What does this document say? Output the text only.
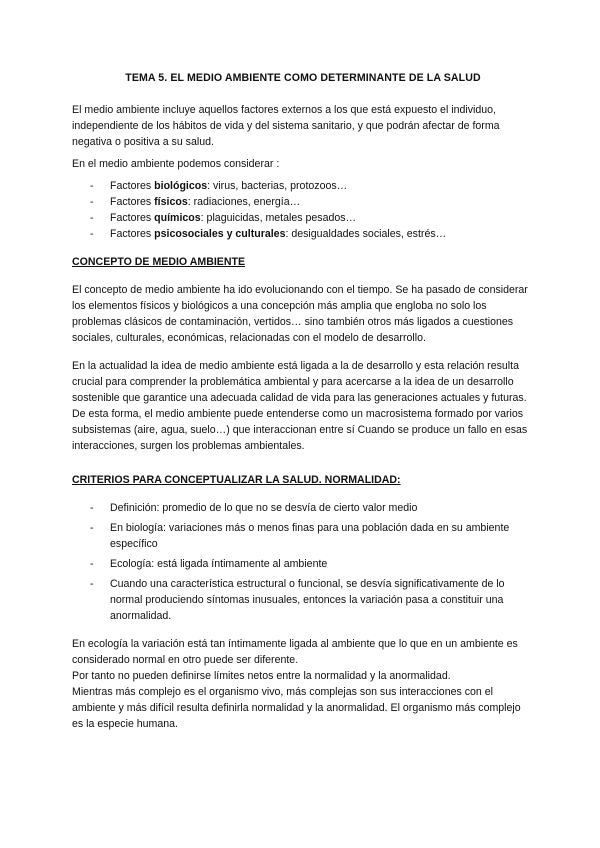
TEMA 5. EL MEDIO AMBIENTE COMO DETERMINANTE DE LA SALUD

El medio ambiente incluye aquellos factores externos a los que está expuesto el individuo, independiente de los hábitos de vida y del sistema sanitario, y que podrán afectar de forma negativa o positiva a su salud.

En el medio ambiente podemos considerar :

- Factores biológicos: virus, bacterias, protozoos…
- Factores físicos: radiaciones, energía…
- Factores químicos: plaguicidas, metales pesados…
- Factores psicosociales y culturales: desigualdades sociales, estrés…
CONCEPTO DE MEDIO AMBIENTE

El concepto de medio ambiente ha ido evolucionando con el tiempo. Se ha pasado de considerar los elementos físicos y biológicos a una concepción más amplia que engloba no solo los problemas clásicos de contaminación, vertidos… sino también otros más ligados a cuestiones sociales, culturales, económicas, relacionadas con el modelo de desarrollo.

En la actualidad la idea de medio ambiente está ligada a la de desarrollo y esta relación resulta crucial para comprender la problemática ambiental y para acercarse a la idea de un desarrollo sostenible que garantice una adecuada calidad de vida para las generaciones actuales y futuras.

De esta forma, el medio ambiente puede entenderse como un macrosistema formado por varios subsistemas (aire, agua, suelo…) que interaccionan entre sí Cuando se produce un fallo en esas interacciones, surgen los problemas ambientales.

CRITERIOS PARA CONCEPTUALIZAR LA SALUD. NORMALIDAD:
- Definición: promedio de lo que no se desvía de cierto valor medio
- En biología: variaciones más o menos finas para una población dada en su ambiente específico
- Ecología: está ligada íntimamente al ambiente
- Cuando una característica estructural o funcional, se desvía significativamente de lo normal produciendo síntomas inusuales, entonces la variación pasa a constituir una anormalidad.

En ecología la variación está tan íntimamente ligada al ambiente que lo que en un ambiente es considerado normal en otro puede ser diferente.

Por tanto no pueden definirse límites netos entre la normalidad y la anormalidad.

Mientras más complejo es el organismo vivo, más complejas son sus interacciones con el ambiente y más difícil resulta definirla normalidad y la anormalidad. El organismo más complejo es la especie humana.
